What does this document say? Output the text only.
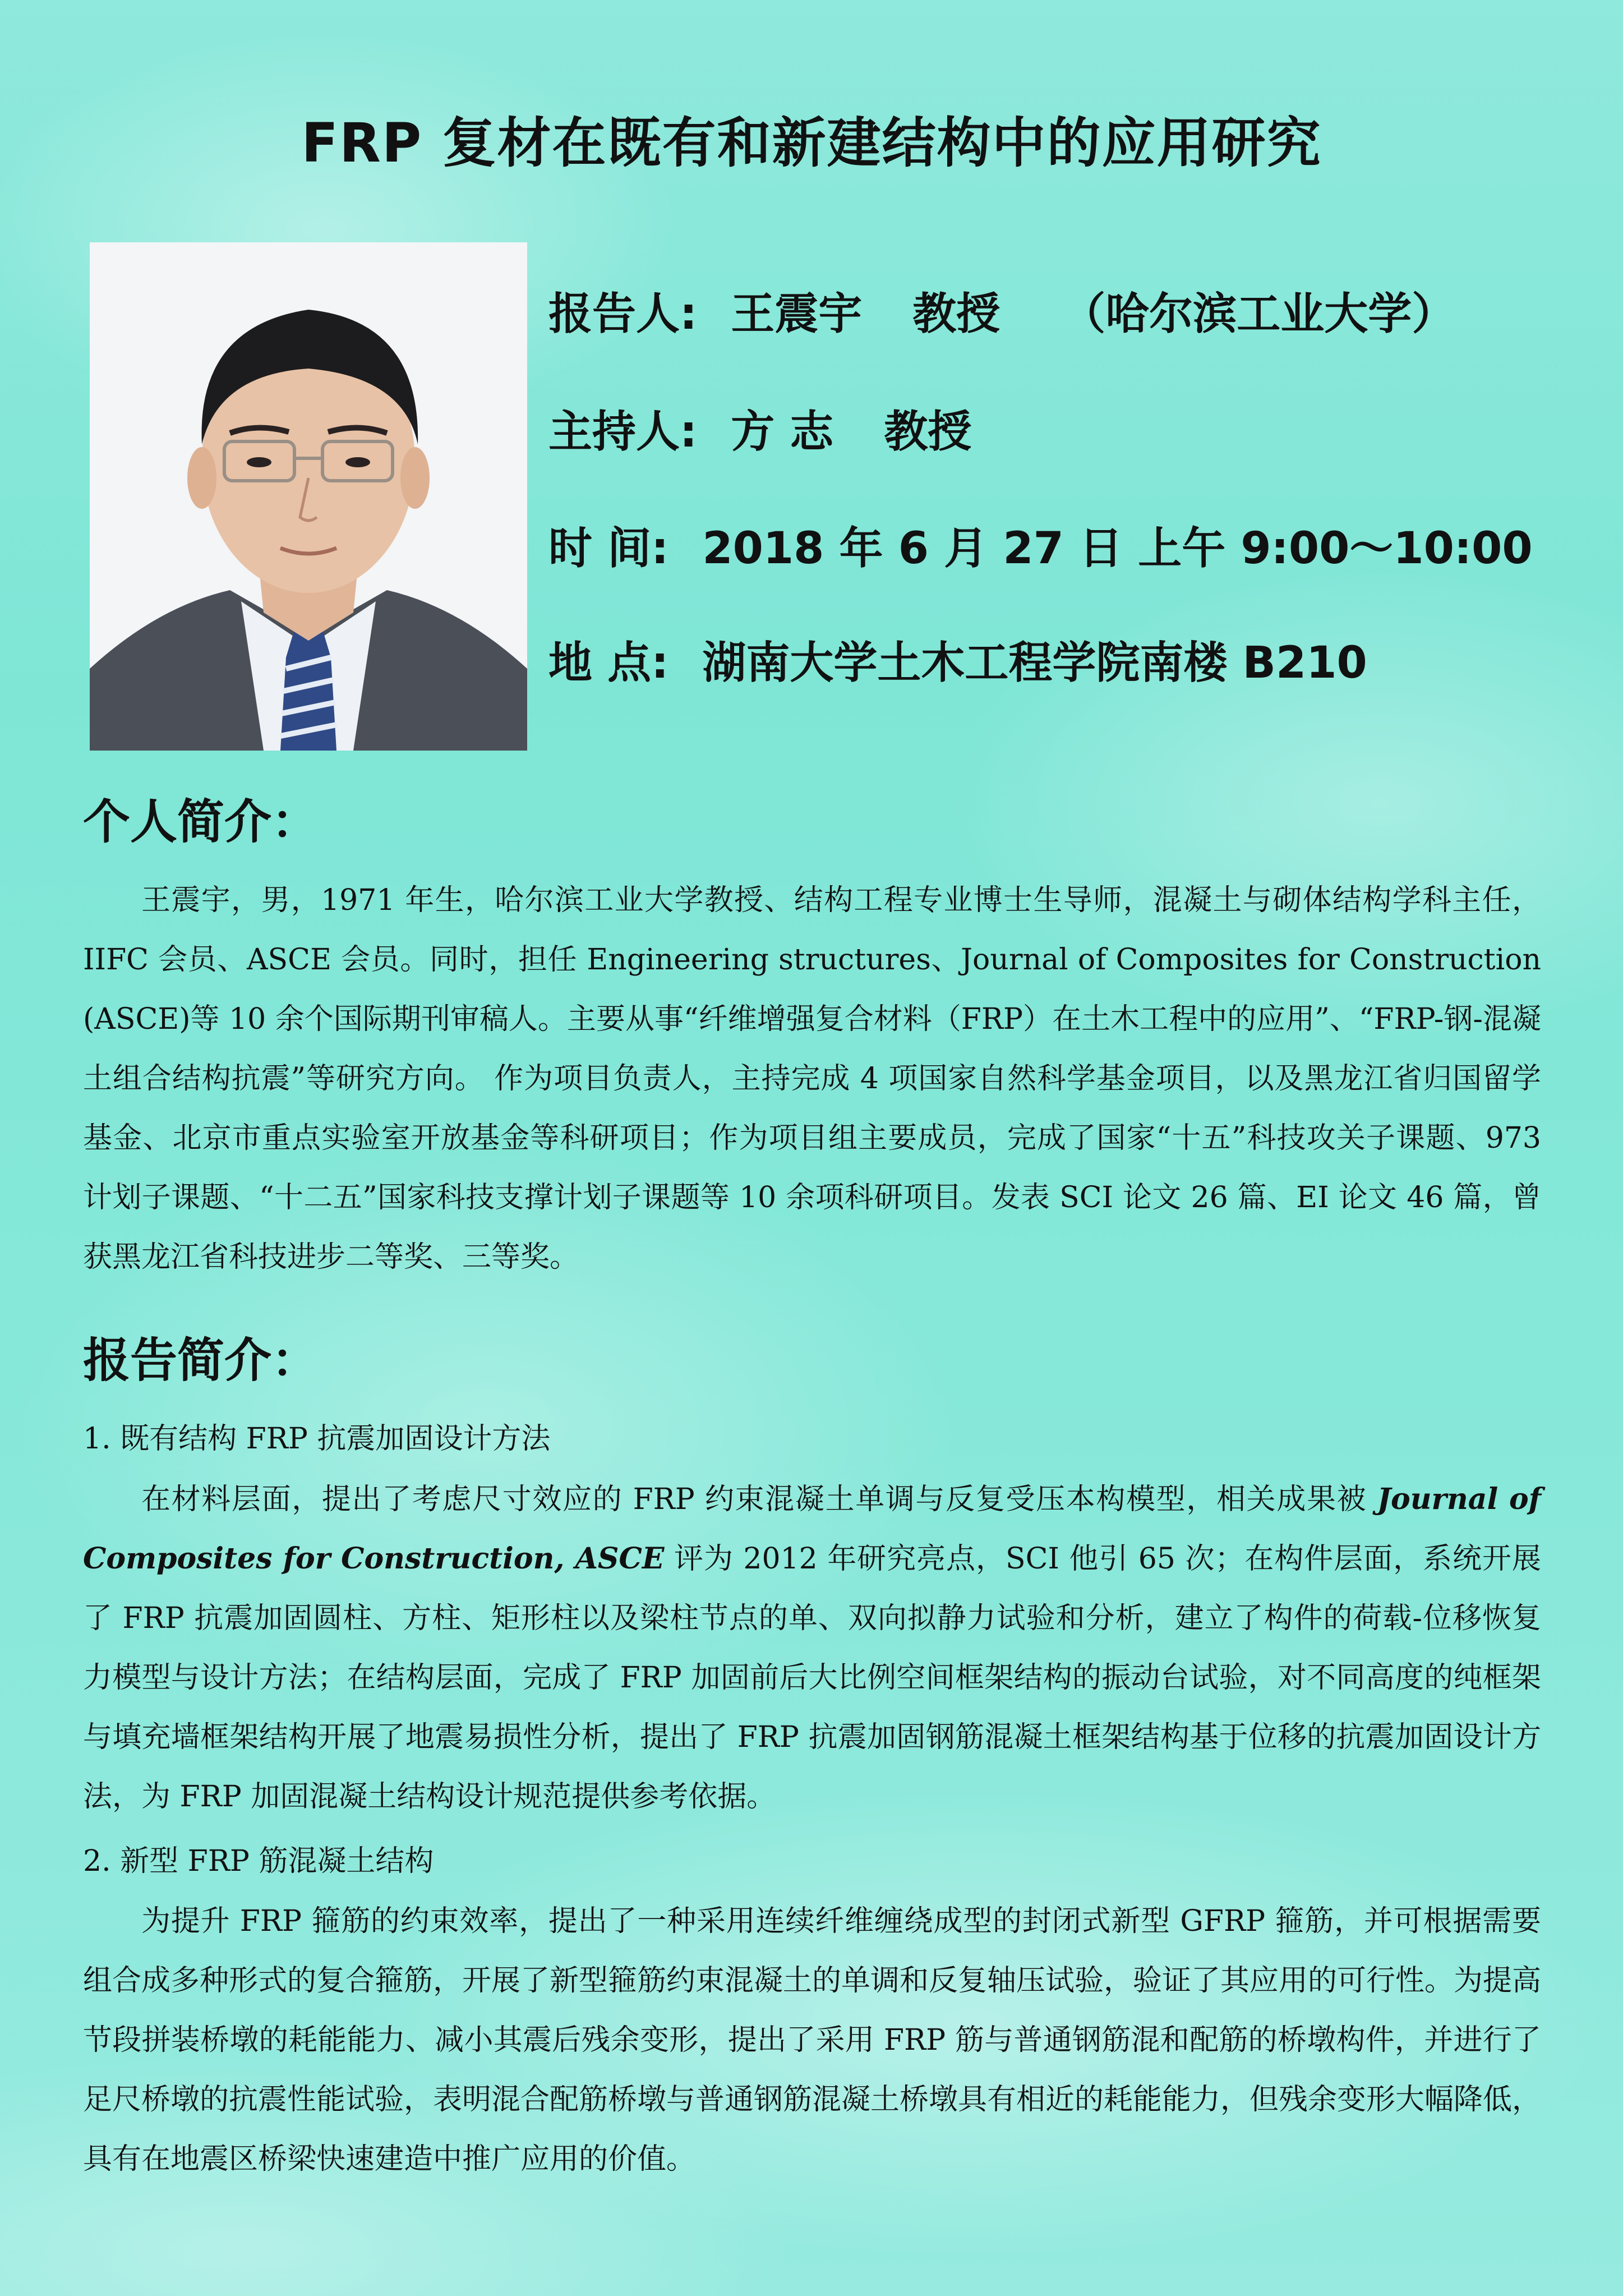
FRP 复材在既有和新建结构中的应用研究
报告人: 王震宇 教授 （哈尔滨工业大学）
主持人: 方 志 教授
时 间: 2018 年 6 月 27 日 上午 9:00～10:00
地 点: 湖南大学土木工程学院南楼 B210
个人简介：
王震宇，男，1971 年生，哈尔滨工业大学教授、结构工程专业博士生导师，混凝土与砌体结构学科主任，IIFC 会员、ASCE 会员。同时，担任 Engineering structures、Journal of Composites for Construction (ASCE)等 10 余个国际期刊审稿人。主要从事“纤维增强复合材料（FRP）在土木工程中的应用”、“FRP-钢-混凝土组合结构抗震”等研究方向。 作为项目负责人，主持完成 4 项国家自然科学基金项目，以及黑龙江省归国留学基金、北京市重点实验室开放基金等科研项目；作为项目组主要成员，完成了国家“十五”科技攻关子课题、973 计划子课题、“十二五”国家科技支撑计划子课题等 10 余项科研项目。发表 SCI 论文 26 篇、EI 论文 46 篇，曾获黑龙江省科技进步二等奖、三等奖。
报告简介：
1. 既有结构 FRP 抗震加固设计方法
在材料层面，提出了考虑尺寸效应的 FRP 约束混凝土单调与反复受压本构模型，相关成果被 Journal of Composites for Construction, ASCE 评为 2012 年研究亮点，SCI 他引 65 次；在构件层面，系统开展了 FRP 抗震加固圆柱、方柱、矩形柱以及梁柱节点的单、双向拟静力试验和分析，建立了构件的荷载-位移恢复力模型与设计方法；在结构层面，完成了 FRP 加固前后大比例空间框架结构的振动台试验，对不同高度的纯框架与填充墙框架结构开展了地震易损性分析，提出了 FRP 抗震加固钢筋混凝土框架结构基于位移的抗震加固设计方法，为 FRP 加固混凝土结构设计规范提供参考依据。
2. 新型 FRP 筋混凝土结构
为提升 FRP 箍筋的约束效率，提出了一种采用连续纤维缠绕成型的封闭式新型 GFRP 箍筋，并可根据需要组合成多种形式的复合箍筋，开展了新型箍筋约束混凝土的单调和反复轴压试验，验证了其应用的可行性。为提高节段拼装桥墩的耗能能力、减小其震后残余变形，提出了采用 FRP 筋与普通钢筋混和配筋的桥墩构件，并进行了足尺桥墩的抗震性能试验，表明混合配筋桥墩与普通钢筋混凝土桥墩具有相近的耗能能力，但残余变形大幅降低，具有在地震区桥梁快速建造中推广应用的价值。
